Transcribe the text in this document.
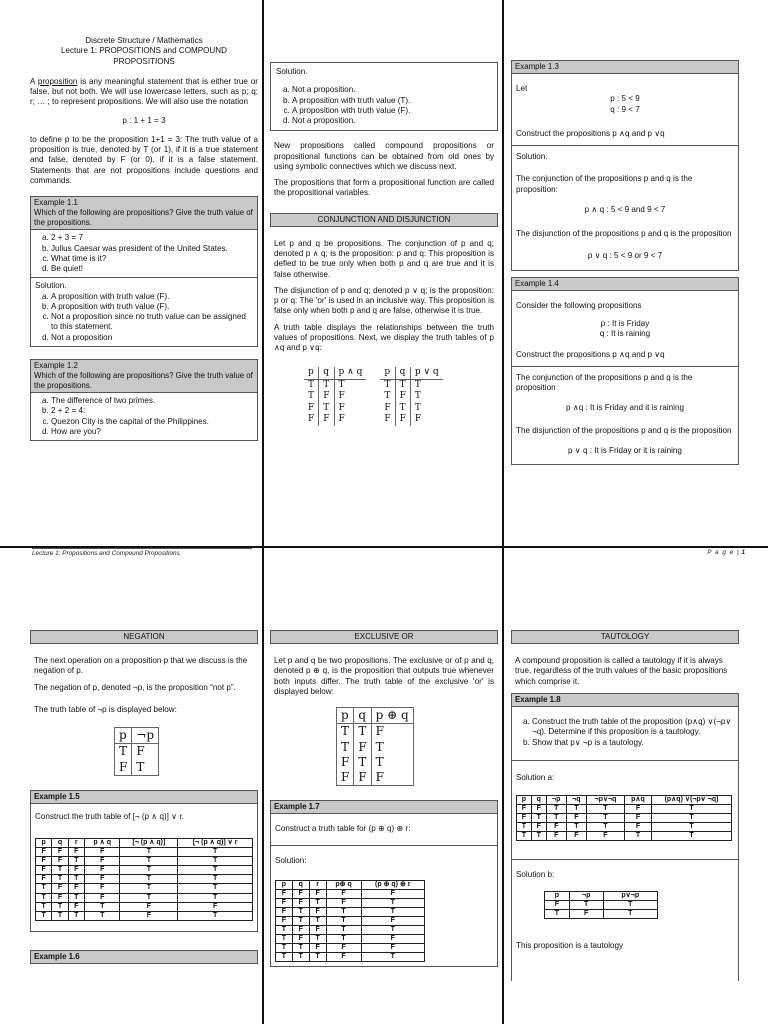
Discrete Structure / Mathematics
Lecture 1: PROPOSITIONS and COMPOUND
PROPOSITIONS

A proposition is any meaningful statement that is either true or false, but not both. We will use lowercase letters, such as p; q; r; … ; to represent propositions. We will also use the notation

p : 1 + 1 = 3

to define p to be the proposition 1+1 = 3: The truth value of a proposition is true, denoted by T (or 1), if it is a true statement and false, denoted by F (or 0), if it is a false statement. Statements that are not propositions include questions and commands.

Example 1.1
Which of the following are propositions? Give the truth value of the propositions.
a. 2 + 3 = 7
b. Julius Caesar was president of the United States.
c. What time is it?
d. Be quiet!
Solution.
a. A proposition with truth value (F).
b. A proposition with truth value (F).
c. Not a proposition since no truth value can be assigned to this statement.
d. Not a proposition
Example 1.2
Which of the following are propositions? Give the truth value of the propositions.
a. The difference of two primes.
b. 2 + 2 = 4:
c. Quezon City is the capital of the Philippines.
d. How are you?
Solution.
a. Not a proposition.
b. A proposition with truth value (T).
c. A proposition with truth value (F).
d. Not a proposition.

New propositions called compound propositions or propositional functions can be obtained from old ones by using symbolic connectives which we discuss next.

The propositions that form a propositional function are called the propositional variables.

CONJUNCTION AND DISJUNCTION

Let p and q be propositions. The conjunction of p and q; denoted p ∧ q; is the proposition: p and q: This proposition is defied to be true only when both p and q are true and it is false otherwise.

The disjunction of p and q; denoted p ∨ q; is the proposition: p or q: The 'or' is used in an inclusive way. This proposition is false only when both p and q are false, otherwise it is true.

A truth table displays the relationships between the truth values of propositions. Next, we display the truth tables of p ∧q and p ∨q:

p	q	p ∧ q
T	T	T
T	F	F
F	T	F
F	F	F
p	q	p ∨ q
T	T	T
T	F	T
F	T	T
F	F	F
Example 1.3
Let
p : 5 < 9
q : 9 < 7
Construct the propositions p ∧q and p ∨q
Solution.
The conjunction of the propositions p and q is the proposition:
p ∧ q : 5 < 9 and 9 < 7
The disjunction of the propositions p and q is the proposition
p ∨ q : 5 < 9 or 9 < 7
Example 1.4
Consider the following propositions
p : It is Friday
q : It is raining
Construct the propositions p ∧q and p ∨q
The conjunction of the propositions p and q is the proposition
p ∧q : It is Friday and it is raining
The disjunction of the propositions p and q is the proposition
p ∨ q : It is Friday or it is raining
Lecture 1: Propositions and Compound Propositions	P a g e | 1
NEGATION

The next operation on a proposition p that we discuss is the negation of p.

The negation of p, denoted ¬p, is the proposition “not p”.

The truth table of ¬p is displayed below:

p	¬p
T	F
F	T
Example 1.5
Construct the truth table of [¬ (p ∧ q)] ∨ r.
p	q	r	p ∧ q	[¬ (p ∧ q)]	[¬ (p ∧ q)] ∨ r
F	F	F	F	T	T
F	F	T	F	T	T
F	T	F	F	T	T
F	T	T	F	T	T
T	F	F	F	T	T
T	F	T	F	T	T
T	T	F	T	F	F
T	T	T	T	F	T
Example 1.6
EXCLUSIVE OR

Let p and q be two propositions. The exclusive or of p and q, denoted p ⊕ q, is the proposition that outputs true whenever both inputs differ. The truth table of the exclusive 'or' is displayed below:

p	q	p ⊕ q
T	T	F
T	F	T
F	T	T
F	F	F
Example 1.7
Construct a truth table for (p ⊕ q) ⊕ r:
Solution:
p	q	r	p⊕ q	(p ⊕ q) ⊕ r
F	F	F	F	F
F	F	T	F	T
F	T	F	T	T
F	T	T	T	F
T	F	F	T	T
T	F	T	T	F
T	T	F	F	F
T	T	T	F	T
TAUTOLOGY

A compound proposition is called a tautology if it is always true, regardless of the truth values of the basic propositions which comprise it.

Example 1.8
a. Construct the truth table of the proposition (p∧q) ∨(¬p∨ ¬q). Determine if this proposition is a tautology.
b. Show that p∨ ¬p is a tautology.
Solution a:
p	q	¬p	¬q	¬p∨¬q	p∧q	(p∧q) ∨(¬p∨ ¬q)
F	F	T	T	T	F	T
F	T	T	F	T	F	T
T	F	F	T	T	F	T
T	T	F	F	F	T	T
Solution b:
p	¬p	p∨¬p
F	T	T
T	F	T
This proposition is a tautology
